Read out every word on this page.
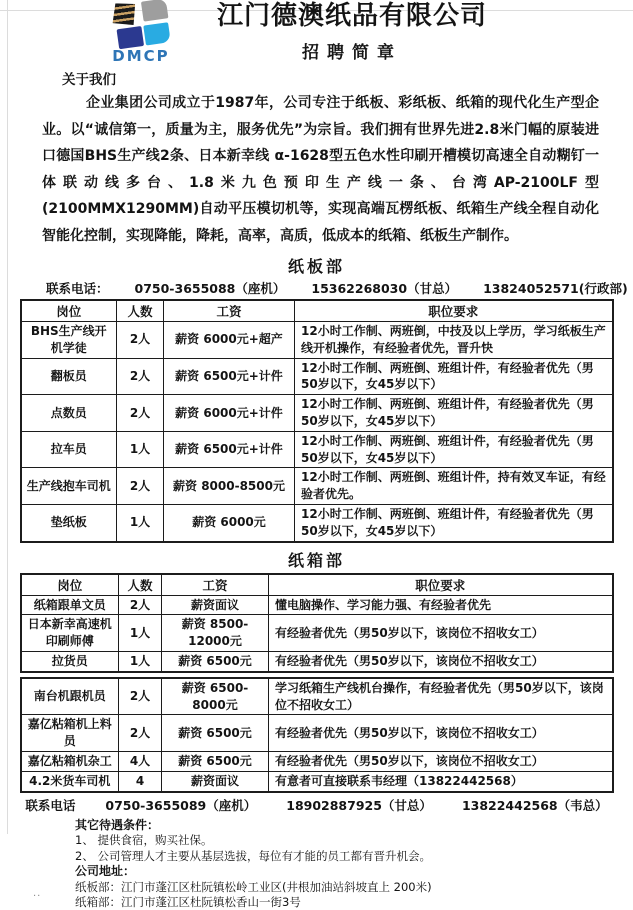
DMCP
江门德澳纸品有限公司
招聘简章
关于我们
企业集团公司成立于1987年，公司专注于纸板、彩纸板、纸箱的现代化生产型企业。以“诚信第一，质量为主，服务优先”为宗旨。我们拥有世界先进2.8米门幅的原装进口德国BHS生产线2条、日本新幸线 α-1628型五色水性印刷开槽模切高速全自动糊钉一体联动线多台、1.8米九色预印生产线一条、台湾AP-2100LF型(2100MMX1290MM)自动平压模切机等，实现高端瓦楞纸板、纸箱生产线全程自动化智能化控制，实现降能，降耗，高率，高质，低成本的纸箱、纸板生产制作。
纸板部
联系电话： 0750-3655088（座机） 15362268030（甘总） 13824052571(行政部)
岗位	人数	工资	职位要求
BHS生产线开机学徒	2人	薪资 6000元+超产	12小时工作制、两班倒，中技及以上学历，学习纸板生产线开机操作，有经验者优先，晋升快
翻板员	2人	薪资 6500元+计件	12小时工作制、两班倒、班组计件，有经验者优先（男50岁以下，女45岁以下）
点数员	2人	薪资 6000元+计件	12小时工作制、两班倒、班组计件，有经验者优先（男50岁以下，女45岁以下）
拉车员	1人	薪资 6500元+计件	12小时工作制、两班倒、班组计件，有经验者优先（男50岁以下，女45岁以下）
生产线抱车司机	2人	薪资 8000-8500元	12小时工作制、两班倒、班组计件，持有效叉车证，有经验者优先。
垫纸板	1人	薪资 6000元	12小时工作制、两班倒、班组计件，有经验者优先（男50岁以下，女45岁以下）
纸箱部
岗位	人数	工资	职位要求
纸箱跟单文员	2人	薪资面议	懂电脑操作、学习能力强、有经验者优先
日本新幸高速机印刷师傅	1人	薪资 8500-12000元	有经验者优先（男50岁以下，该岗位不招收女工）
拉货员	1人	薪资 6500元	有经验者优先（男50岁以下，该岗位不招收女工）
南台机跟机员	2人	薪资 6500-8000元	学习纸箱生产线机台操作，有经验者优先（男50岁以下，该岗位不招收女工）
嘉亿粘箱机上料员	2人	薪资 6500元	有经验者优先（男50岁以下，该岗位不招收女工）
嘉亿粘箱机杂工	4人	薪资 6500元	有经验者优先（男50岁以下，该岗位不招收女工）
4.2米货车司机	4	薪资面议	有意者可直接联系韦经理（13822442568）
联系电话 0750-3655089（座机） 18902887925（甘总） 13822442568（韦总）
其它待遇条件：
1、 提供食宿，购买社保。
2、 公司管理人才主要从基层选拔，每位有才能的员工都有晋升机会。
公司地址：
纸板部：江门市蓬江区杜阮镇松岭工业区(井根加油站斜坡直上 200米)
纸箱部：江门市蓬江区杜阮镇松香山一街3号
··
